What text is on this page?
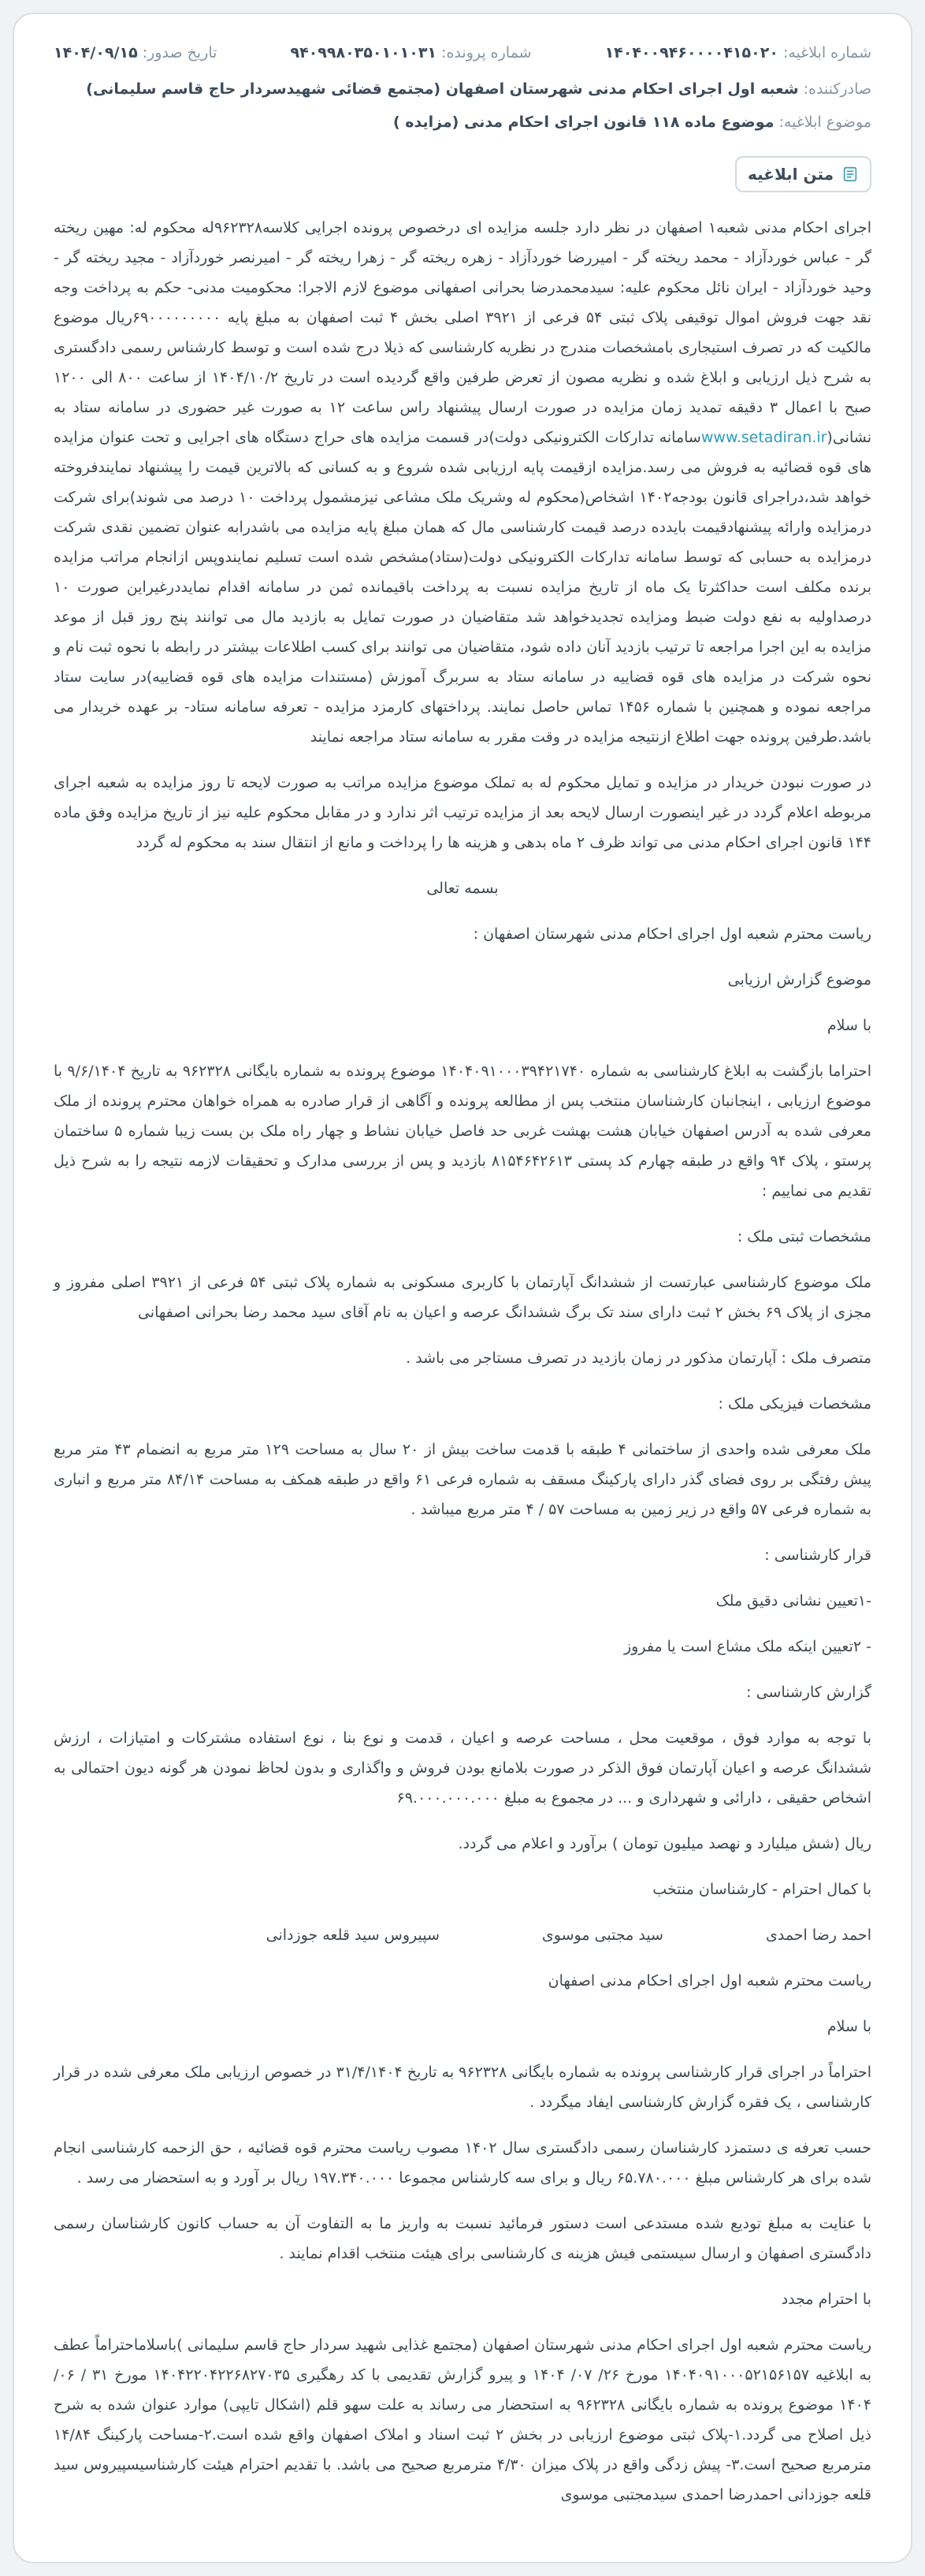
شماره ابلاغیه: ۱۴۰۴۰۰۹۴۶۰۰۰۰۴۱۵۰۲۰
شماره پرونده: ۹۴۰۹۹۸۰۳۵۰۱۰۱۰۳۱
تاریخ صدور: ۱۴۰۴/۰۹/۱۵
صادرکننده: شعبه اول اجرای احکام مدنی شهرستان اصفهان (مجتمع قضائی شهیدسردار حاج قاسم سلیمانی)
موضوع ابلاغیه: موضوع ماده ۱۱۸ قانون اجرای احکام مدنی (مزایده )
متن ابلاغیه

اجرای احکام مدنی شعبه۱ اصفهان در نظر دارد جلسه مزایده ای درخصوص پرونده اجرایی کلاسه۹۶۲۳۲۸له محکوم له: مهین ریخته گر - عباس خوردآزاد - محمد ریخته گر - امیررضا خوردآزاد - زهره ریخته گر - زهرا ریخته گر - امیرنصر خوردآزاد - مجید ریخته گر - وحید خوردآزاد - ایران نائل محکوم علیه: سیدمحمدرضا بحرانی اصفهانی موضوع لازم الاجرا: محکومیت مدنی- حکم به پرداخت وجه نقد جهت فروش اموال توقیفی پلاک ثبتی ۵۴ فرعی از ۳۹۲۱ اصلی بخش ۴ ثبت اصفهان به مبلغ پایه ۶۹۰۰۰۰۰۰۰۰۰ریال موضوع مالکیت که در تصرف استیجاری بامشخصات مندرج در نظریه کارشناسی که ذیلا درج شده است و توسط کارشناس رسمی دادگستری به شرح ذیل ارزیابی و ابلاغ شده و نظریه مصون از تعرض طرفین واقع گردیده است در تاریخ ۱۴۰۴/۱۰/۲ از ساعت ۸۰۰ الی ۱۲۰۰ صبح با اعمال ۳ دقیقه تمدید زمان مزایده در صورت ارسال پیشنهاد راس ساعت ۱۲ به صورت غیر حضوری در سامانه ستاد به نشانی(www.setadiran.irسامانه تدارکات الکترونیکی دولت)در قسمت مزایده های حراج دستگاه های اجرایی و تحت عنوان مزایده های قوه قضائیه به فروش می رسد.مزایده ازقیمت پایه ارزیابی شده شروع و به کسانی که بالاترین قیمت را پیشنهاد نمایندفروخته خواهد شد،دراجرای قانون بودجه۱۴۰۲ اشخاص(محکوم له وشریک ملک مشاعی نیزمشمول پرداخت ۱۰ درصد می شوند)برای شرکت درمزایده وارائه پیشنهادقیمت بایدده درصد قیمت کارشناسی مال که همان مبلغ پایه مزایده می باشدرابه عنوان تضمین نقدی شرکت درمزایده به حسابی که توسط سامانه تدارکات الکترونیکی دولت(ستاد)مشخص شده است تسلیم نمایندوپس ازانجام مراتب مزایده برنده مکلف است حداکثرتا یک ماه از تاریخ مزایده نسبت به پرداخت باقیمانده ثمن در سامانه اقدام نمایددرغیراین صورت ۱۰ درصداولیه به نفع دولت ضبط ومزایده تجدیدخواهد شد متقاضیان در صورت تمایل به بازدید مال می توانند پنج روز قبل از موعد مزایده به این اجرا مراجعه تا ترتیب بازدید آنان داده شود، متقاضیان می توانند برای کسب اطلاعات بیشتر در رابطه با نحوه ثبت نام و نحوه شرکت در مزایده های قوه قضاییه در سامانه ستاد به سربرگ آموزش (مستندات مزایده های قوه قضاییه)در سایت ستاد مراجعه نموده و همچنین با شماره ۱۴۵۶ تماس حاصل نمایند. پرداختهای کارمزد مزایده - تعرفه سامانه ستاد- بر عهده خریدار می باشد.طرفین پرونده جهت اطلاع ازنتیجه مزایده در وقت مقرر به سامانه ستاد مراجعه نمایند

در صورت نبودن خریدار در مزایده و تمایل محکوم له به تملک موضوع مزایده مراتب به صورت لایحه تا روز مزایده به شعبه اجرای مربوطه اعلام گردد در غیر اینصورت ارسال لایحه بعد از مزایده ترتیب اثر ندارد و در مقابل محکوم علیه نیز از تاریخ مزایده وفق ماده ۱۴۴ قانون اجرای احکام مدنی می تواند ظرف ۲ ماه بدهی و هزینه ها را پرداخت و مانع از انتقال سند به محکوم له گردد

بسمه تعالی

ریاست محترم شعبه اول اجرای احکام مدنی شهرستان اصفهان :

موضوع گزارش ارزیابی

با سلام

احتراما بازگشت به ابلاغ کارشناسی به شماره ۱۴۰۴۰۹۱۰۰۰۳۹۴۲۱۷۴۰ موضوع پرونده به شماره بایگانی ۹۶۲۳۲۸ به تاریخ ۹/۶/۱۴۰۴ با موضوع ارزیابی ، اینجانبان کارشناسان منتخب پس از مطالعه پرونده و آگاهی از قرار صادره به همراه خواهان محترم پرونده از ملک معرفی شده به آدرس اصفهان خیابان هشت بهشت غربی حد فاصل خیابان نشاط و چهار راه ملک بن بست زیبا شماره ۵ ساختمان پرستو ، پلاک ۹۴ واقع در طبقه چهارم کد پستی ۸۱۵۴۶۴۲۶۱۳ بازدید و پس از بررسی مدارک و تحقیقات لازمه نتیجه را به شرح ذیل تقدیم می نماییم :

مشخصات ثبتی ملک :

ملک موضوع کارشناسی عبارتست از ششدانگ آپارتمان با کاربری مسکونی به شماره پلاک ثبتی ۵۴ فرعی از ۳۹۲۱ اصلی مفروز و مجزی از پلاک ۶۹ بخش ۲ ثبت دارای سند تک برگ ششدانگ عرصه و اعیان به نام آقای سید محمد رضا بحرانی اصفهانی

متصرف ملک : آپارتمان مذکور در زمان بازدید در تصرف مستاجر می باشد .

مشخصات فیزیکی ملک :

ملک معرفی شده واحدی از ساختمانی ۴ طبقه با قدمت ساخت بیش از ۲۰ سال به مساحت ۱۲۹ متر مربع به انضمام ۴۳ متر مربع پیش رفتگی بر روی فضای گذر دارای پارکینگ مسقف به شماره فرعی ۶۱ واقع در طبقه همکف به مساحت ۸۴/۱۴ متر مربع و انباری به شماره فرعی ۵۷ واقع در زیر زمین به مساحت ۵۷ / ۴ متر مربع میباشد .

قرار کارشناسی :

-۱تعیین نشانی دقیق ملک

- ۲تعیین اینکه ملک مشاع است یا مفروز

گزارش کارشناسی :

با توجه به موارد فوق ، موقعیت محل ، مساحت عرصه و اعیان ، قدمت و نوع بنا ، نوع استفاده مشترکات و امتیازات ، ارزش ششدانگ عرصه و اعیان آپارتمان فوق الذکر در صورت بلامانع بودن فروش و واگذاری و بدون لحاظ نمودن هر گونه دیون احتمالی به اشخاص حقیقی ، دارائی و شهرداری و ... در مجموع به مبلغ ۶۹.۰۰۰.۰۰۰.۰۰۰

ریال (شش میلیارد و نهصد میلیون تومان ) برآورد و اعلام می گردد.

با کمال احترام - کارشناسان منتخب

احمد رضا احمدی
سید مجتبی موسوی
سپیروس سید قلعه جوزدانی

ریاست محترم شعبه اول اجرای احکام مدنی اصفهان

با سلام

احتراماً در اجرای قرار کارشناسی پرونده به شماره بایگانی ۹۶۲۳۲۸ به تاریخ ۳۱/۴/۱۴۰۴ در خصوص ارزیابی ملک معرفی شده در قرار کارشناسی ، یک فقره گزارش کارشناسی ایفاد میگردد .

حسب تعرفه ی دستمزد کارشناسان رسمی دادگستری سال ۱۴۰۲ مصوب ریاست محترم قوه قضائیه ، حق الزحمه کارشناسی انجام شده برای هر کارشناس مبلغ ۶۵.۷۸۰.۰۰۰ ریال و برای سه کارشناس مجموعا ۱۹۷.۳۴۰.۰۰۰ ریال بر آورد و به استحضار می رسد .

با عنایت به مبلغ تودیع شده مستدعی است دستور فرمائید نسبت به واریز ما به التفاوت آن به حساب کانون کارشناسان رسمی دادگستری اصفهان و ارسال سیستمی فیش هزینه ی کارشناسی برای هیئت منتخب اقدام نمایند .

با احترام مجدد

ریاست محترم شعبه اول اجرای احکام مدنی شهرستان اصفهان (مجتمع غذایی شهید سردار حاج قاسم سلیمانی )باسلاماحتراماً عطف به ابلاغیه ۱۴۰۴۰۹۱۰۰۰۵۲۱۵۶۱۵۷ مورخ ۲۶/ ۰۷/ ۱۴۰۴ و پیرو گزارش تقدیمی با کد رهگیری ۱۴۰۴۲۲۰۴۲۲۶۸۲۷۰۳۵ مورخ ۳۱ / ۰۶/ ۱۴۰۴ موضوع پرونده به شماره بایگانی ۹۶۲۳۲۸ به استحضار می رساند به علت سهو قلم (اشکال تایپی) موارد عنوان شده به شرح ذیل اصلاح می گردد.۱-پلاک ثبتی موضوع ارزیابی در بخش ۲ ثبت اسناد و املاک اصفهان واقع شده است.۲-مساحت پارکینگ ۱۴/۸۴ مترمربع صحیح است.۳- پیش زدگی واقع در پلاک میزان ۴/۳۰ مترمربع صحیح می باشد. با تقدیم احترام هیئت کارشناسیسپیروس سید قلعه جوزدانی احمدرضا احمدی سیدمجتبی موسوی
